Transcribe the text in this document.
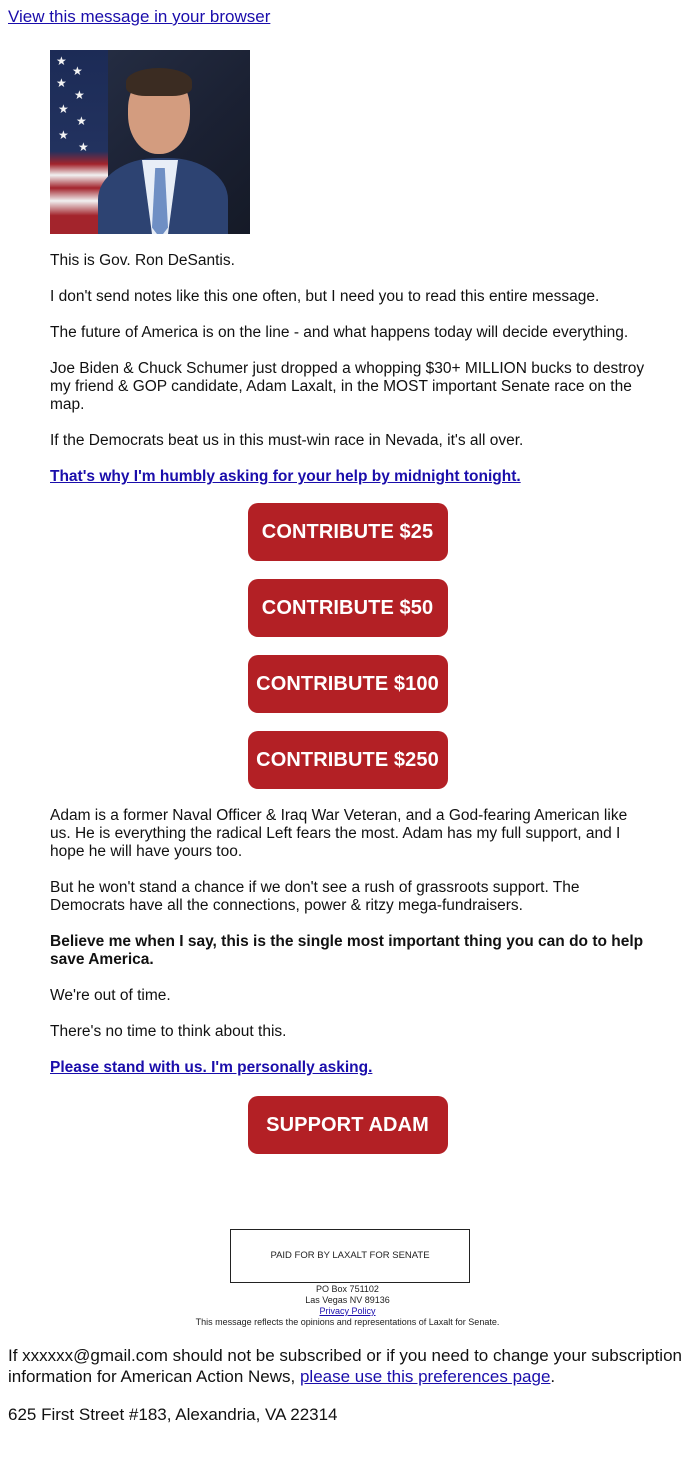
View this message in your browser
★
★
★
★
★
★
★
★

This is Gov. Ron DeSantis.

I don't send notes like this one often, but I need you to read this entire message.

The future of America is on the line - and what happens today will decide everything.

Joe Biden & Chuck Schumer just dropped a whopping $30+ MILLION bucks to destroy my friend & GOP candidate, Adam Laxalt, in the MOST important Senate race on the map.

If the Democrats beat us in this must-win race in Nevada, it's all over.

That's why I'm humbly asking for your help by midnight tonight.

CONTRIBUTE $25
CONTRIBUTE $50
CONTRIBUTE $100
CONTRIBUTE $250

Adam is a former Naval Officer & Iraq War Veteran, and a God-fearing American like us. He is everything the radical Left fears the most. Adam has my full support, and I hope he will have yours too.

But he won't stand a chance if we don't see a rush of grassroots support. The Democrats have all the connections, power & ritzy mega-fundraisers.

Believe me when I say, this is the single most important thing you can do to help save America.

We're out of time.

There's no time to think about this.

Please stand with us. I'm personally asking.

SUPPORT ADAM
PAID FOR BY LAXALT FOR SENATE
PO Box 751102
Las Vegas NV 89136
Privacy Policy
This message reflects the opinions and representations of Laxalt for Senate.
If xxxxxx@gmail.com should not be subscribed or if you need to change your subscription information for American Action News, please use this preferences page.
625 First Street #183, Alexandria, VA 22314
